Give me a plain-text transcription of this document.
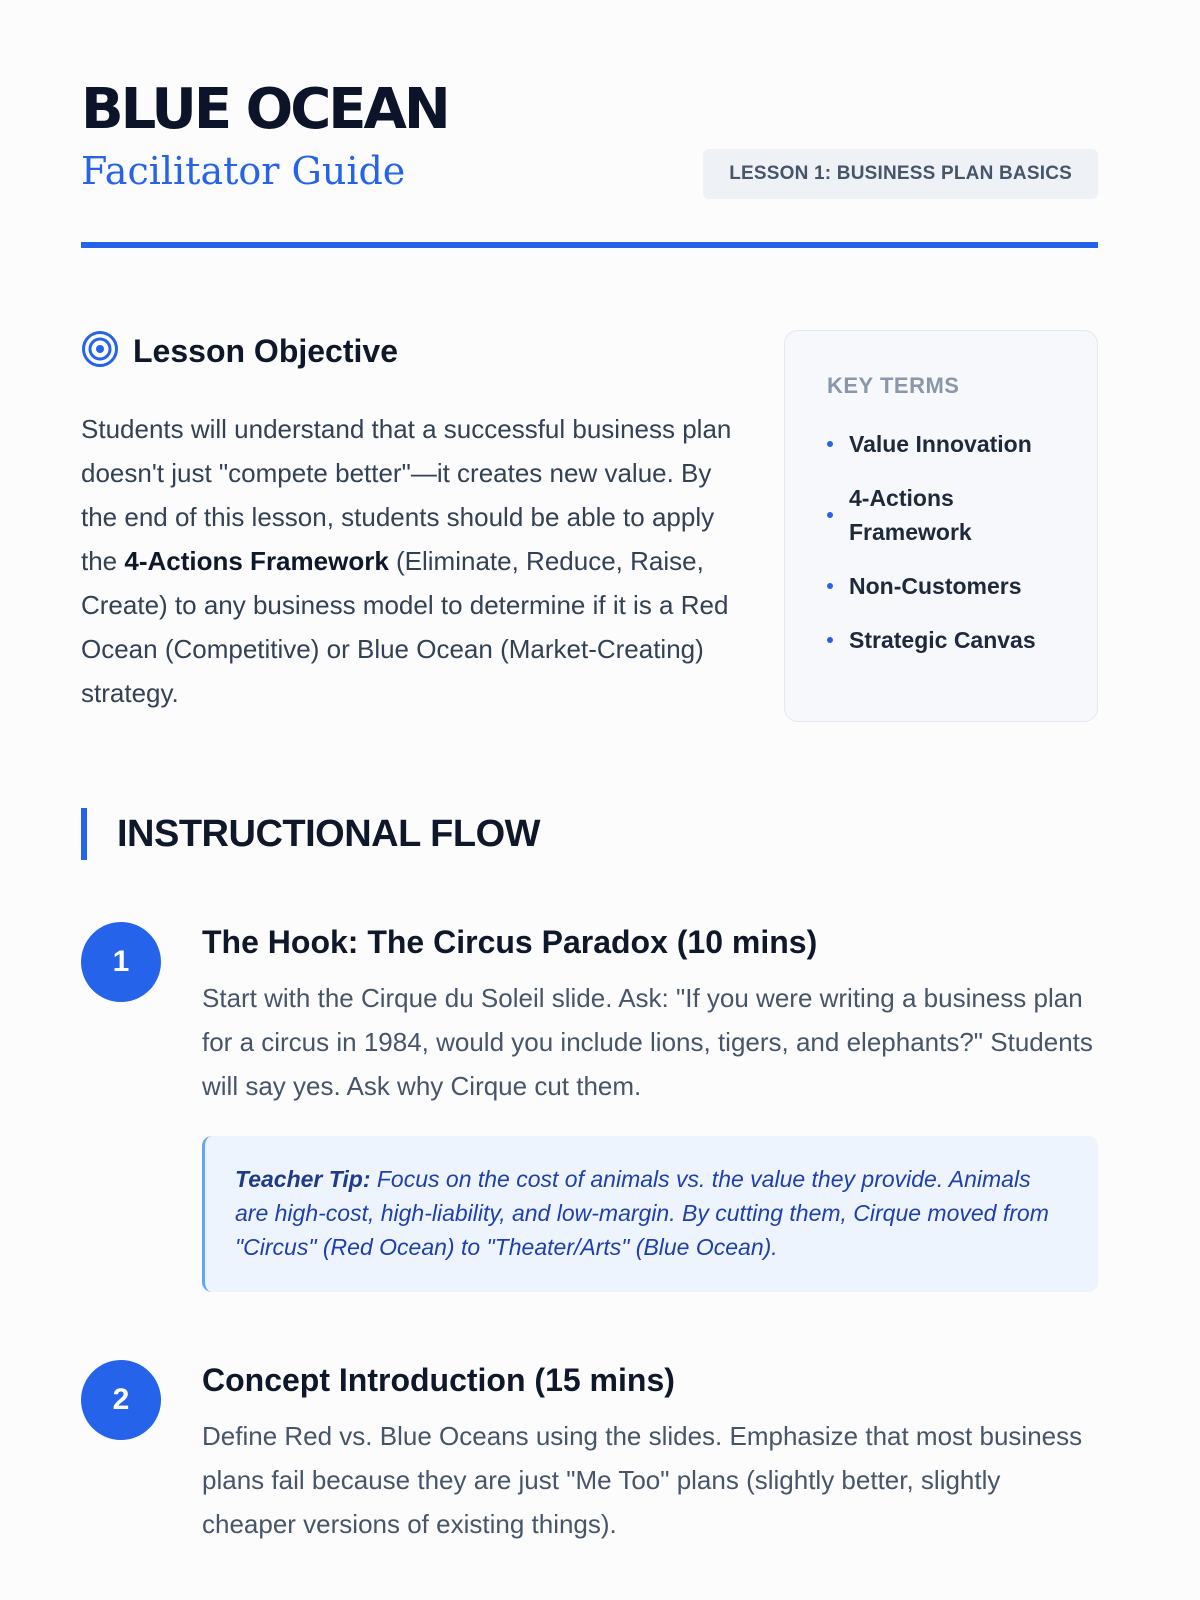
BLUE OCEAN
Facilitator Guide	LESSON 1: BUSINESS PLAN BASICS
Lesson Objective
Students will understand that a successful business plan doesn't just "compete better"—it creates new value. By the end of this lesson, students should be able to apply the 4-Actions Framework (Eliminate, Reduce, Raise, Create) to any business model to determine if it is a Red Ocean (Competitive) or Blue Ocean (Market-Creating) strategy.
KEY TERMS
Value Innovation
4-Actions Framework
Non-Customers
Strategic Canvas
INSTRUCTIONAL FLOW
1
The Hook: The Circus Paradox (10 mins)
Start with the Cirque du Soleil slide. Ask: "If you were writing a business plan for a circus in 1984, would you include lions, tigers, and elephants?" Students will say yes. Ask why Cirque cut them.
Teacher Tip: Focus on the cost of animals vs. the value they provide. Animals are high-cost, high-liability, and low-margin. By cutting them, Cirque moved from "Circus" (Red Ocean) to "Theater/Arts" (Blue Ocean).
2
Concept Introduction (15 mins)
Define Red vs. Blue Oceans using the slides. Emphasize that most business plans fail because they are just "Me Too" plans (slightly better, slightly cheaper versions of existing things).
